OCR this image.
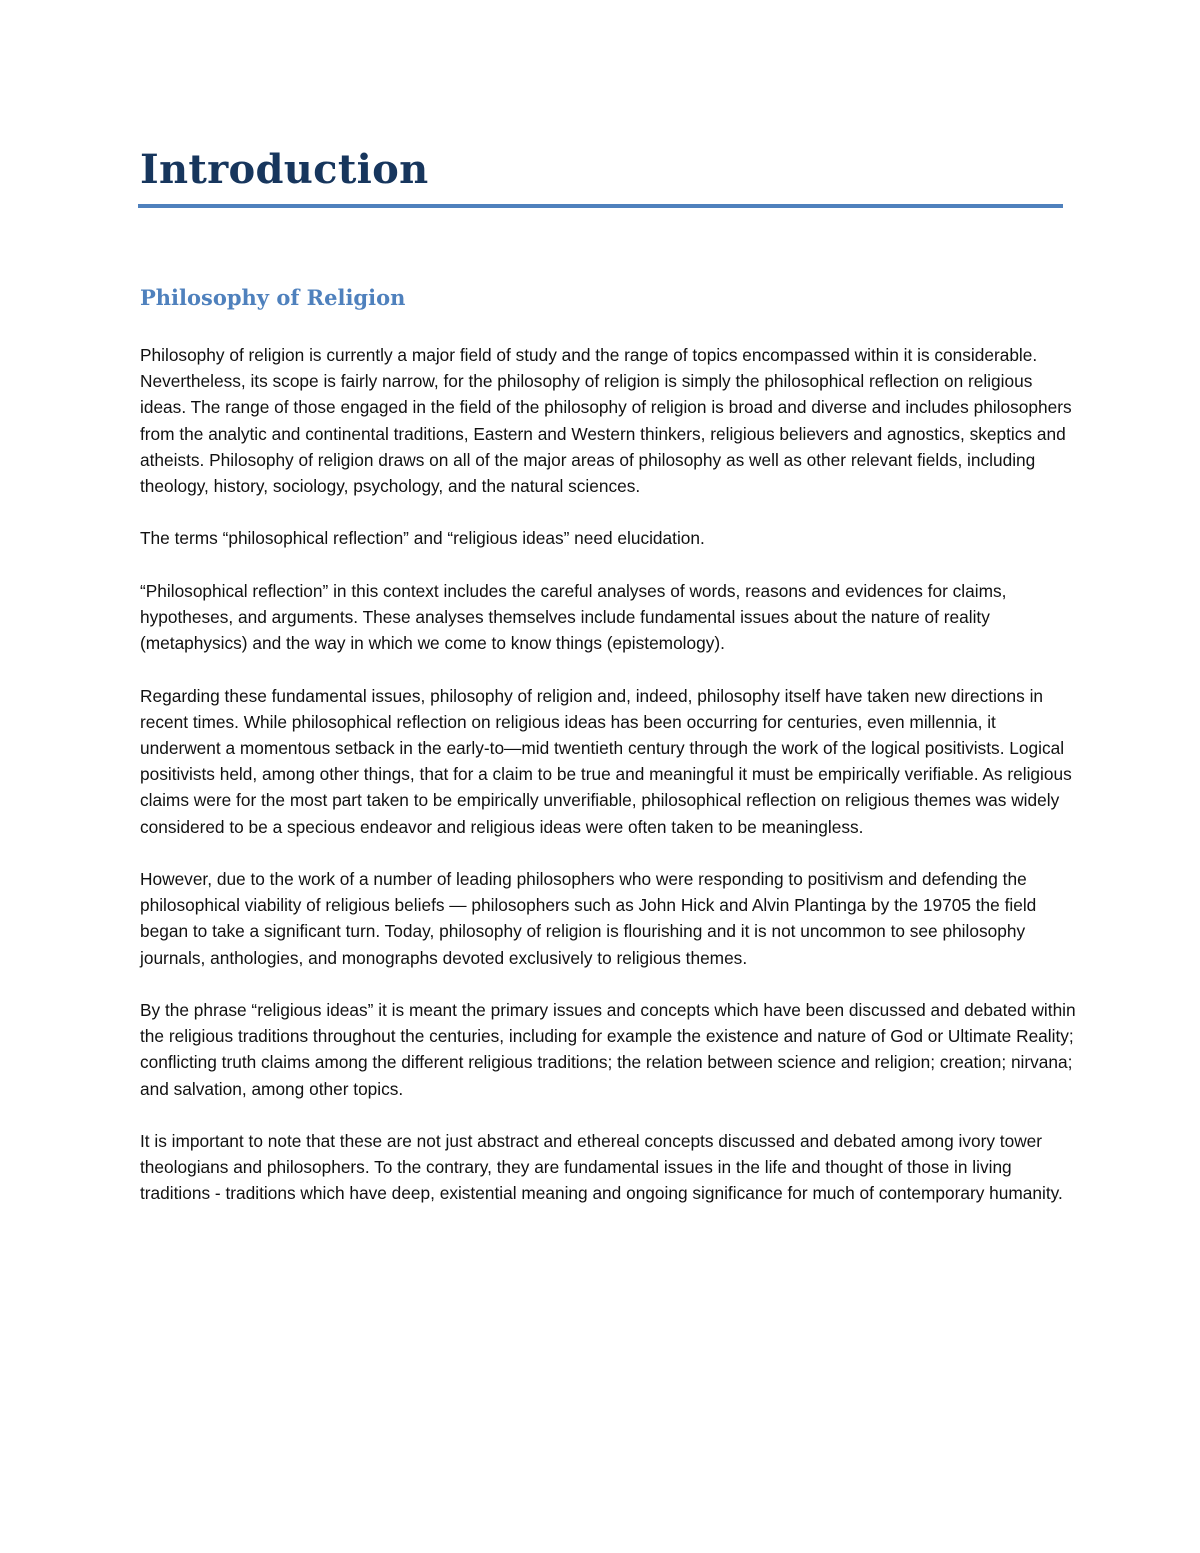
Introduction
Philosophy of Religion

Philosophy of religion is currently a major field of study and the range of topics encompassed within it is considerable. Nevertheless, its scope is fairly narrow, for the philosophy of religion is simply the philosophical reflection on religious ideas. The range of those engaged in the field of the philosophy of religion is broad and diverse and includes philosophers from the analytic and continental traditions, Eastern and Western thinkers, religious believers and agnostics, skeptics and atheists. Philosophy of religion draws on all of the major areas of philosophy as well as other relevant fields, including theology, history, sociology, psychology, and the natural sciences.

The terms “philosophical reflection” and “religious ideas” need elucidation.

“Philosophical reflection” in this context includes the careful analyses of words, reasons and evidences for claims, hypotheses, and arguments. These analyses themselves include fundamental issues about the nature of reality (metaphysics) and the way in which we come to know things (epistemology).

Regarding these fundamental issues, philosophy of religion and, indeed, philosophy itself have taken new directions in recent times. While philosophical reflection on religious ideas has been occurring for centuries, even millennia, it underwent a momentous setback in the early-to—mid twentieth century through the work of the logical positivists. Logical positivists held, among other things, that for a claim to be true and meaningful it must be empirically verifiable. As religious claims were for the most part taken to be empirically unverifiable, philosophical reflection on religious themes was widely considered to be a specious endeavor and religious ideas were often taken to be meaningless.

However, due to the work of a number of leading philosophers who were responding to positivism and defending the philosophical viability of religious beliefs — philosophers such as John Hick and Alvin Plantinga by the 19705 the field began to take a significant turn. Today, philosophy of religion is flourishing and it is not uncommon to see philosophy journals, anthologies, and monographs devoted exclusively to religious themes.

By the phrase “religious ideas” it is meant the primary issues and concepts which have been discussed and debated within the religious traditions throughout the centuries, including for example the existence and nature of God or Ultimate Reality; conflicting truth claims among the different religious traditions; the relation between science and religion; creation; nirvana; and salvation, among other topics.

It is important to note that these are not just abstract and ethereal concepts discussed and debated among ivory tower theologians and philosophers. To the contrary, they are fundamental issues in the life and thought of those in living traditions - traditions which have deep, existential meaning and ongoing significance for much of contemporary humanity.
